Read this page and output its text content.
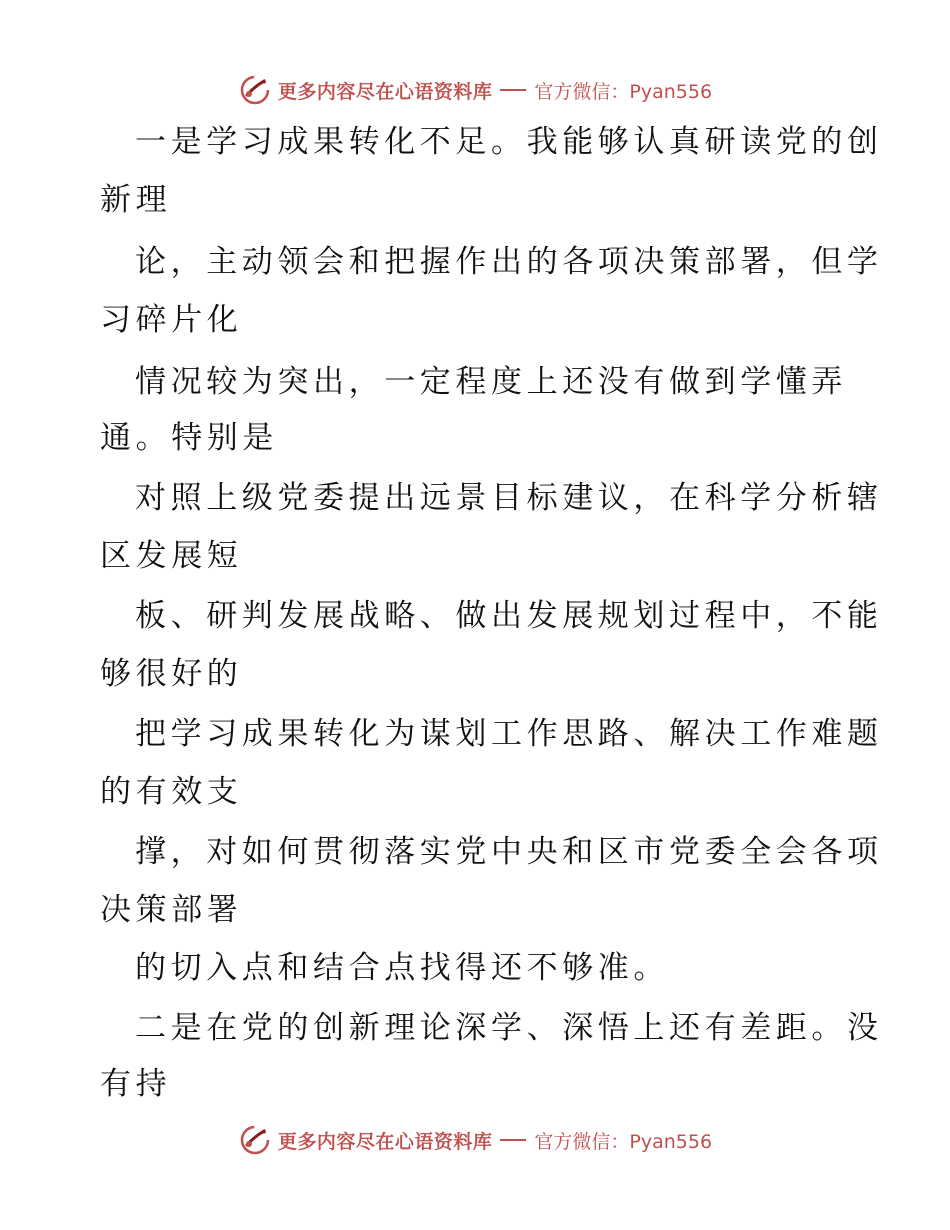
更多内容尽在心语资料库 官方微信：Pyan556
一是学习成果转化不足。我能够认真研读党的创
新理
论，主动领会和把握作出的各项决策部署，但学
习碎片化
情况较为突出，一定程度上还没有做到学懂弄
通。特别是
对照上级党委提出远景目标建议，在科学分析辖
区发展短
板、研判发展战略、做出发展规划过程中，不能
够很好的
把学习成果转化为谋划工作思路、解决工作难题
的有效支
撑，对如何贯彻落实党中央和区市党委全会各项
决策部署
的切入点和结合点找得还不够准。
二是在党的创新理论深学、深悟上还有差距。没
有持
更多内容尽在心语资料库 官方微信：Pyan556
